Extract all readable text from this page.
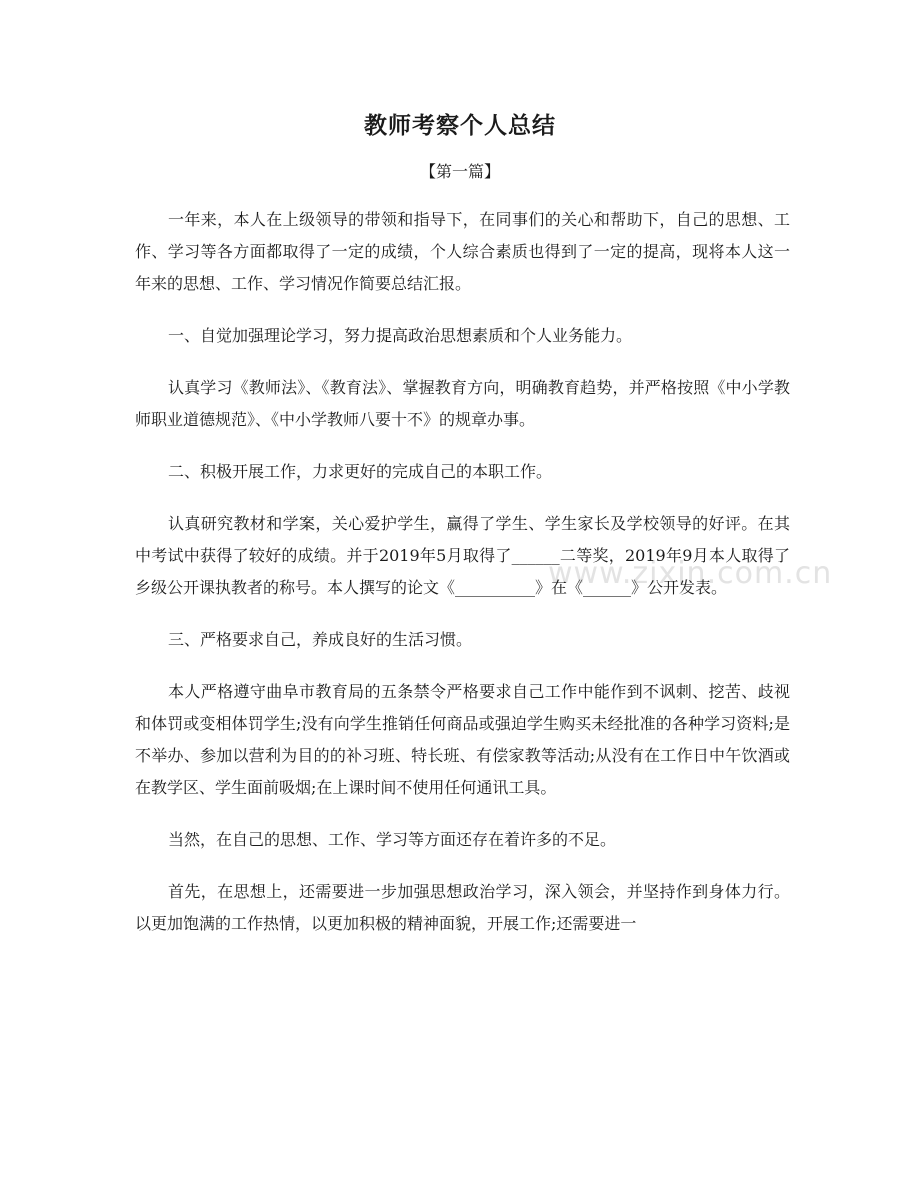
www.zixin.com.cn
教师考察个人总结
【第一篇】

一年来，本人在上级领导的带领和指导下，在同事们的关心和帮助下，自己的思想、工作、学习等各方面都取得了一定的成绩，个人综合素质也得到了一定的提高，现将本人这一年来的思想、工作、学习情况作简要总结汇报。

一、自觉加强理论学习，努力提高政治思想素质和个人业务能力。

认真学习《教师法》、《教育法》、掌握教育方向，明确教育趋势，并严格按照《中小学教师职业道德规范》、《中小学教师八要十不》的规章办事。

二、积极开展工作，力求更好的完成自己的本职工作。

认真研究教材和学案，关心爱护学生，赢得了学生、学生家长及学校领导的好评。在其中考试中获得了较好的成绩。并于2019年5月取得了______二等奖，2019年9月本人取得了乡级公开课执教者的称号。本人撰写的论文《__________》在《______》公开发表。

三、严格要求自己，养成良好的生活习惯。

本人严格遵守曲阜市教育局的五条禁令严格要求自己工作中能作到不讽刺、挖苦、歧视和体罚或变相体罚学生;没有向学生推销任何商品或强迫学生购买未经批准的各种学习资料;是不举办、参加以营利为目的的补习班、特长班、有偿家教等活动;从没有在工作日中午饮酒或在教学区、学生面前吸烟;在上课时间不使用任何通讯工具。

当然，在自己的思想、工作、学习等方面还存在着许多的不足。

首先，在思想上，还需要进一步加强思想政治学习，深入领会，并坚持作到身体力行。以更加饱满的工作热情，以更加积极的精神面貌，开展工作;还需要进一
